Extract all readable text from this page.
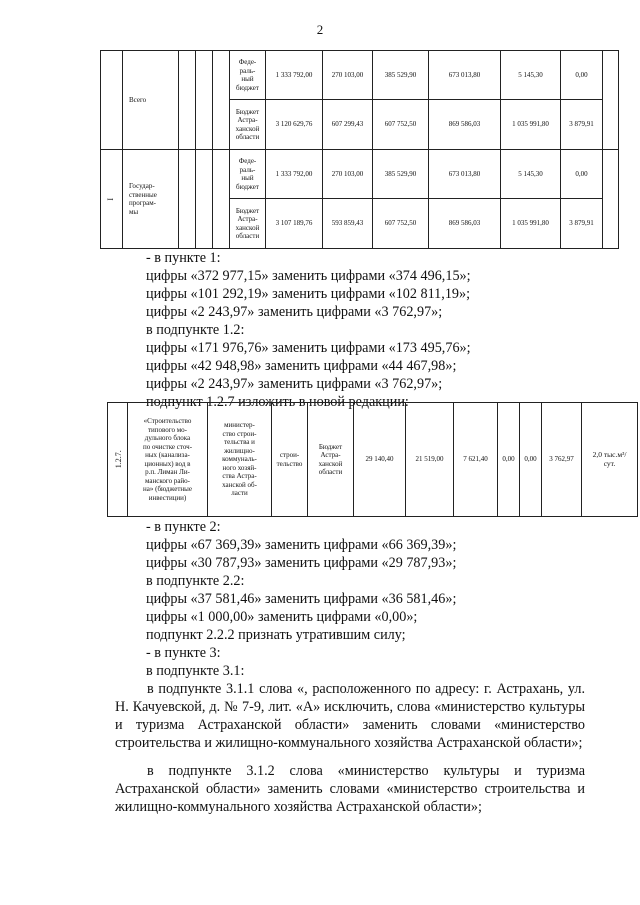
2
	Всего				Феде-
раль-
ный
бюджет	1 333 792,00	270 103,00	385 529,90	673 013,80	5 145,30	0,00	
					Бюджет
Астра-
ханской
области	3 120 629,76	607 299,43	607 752,50	869 586,03	1 035 991,80	3 879,91	
I	Государ-
ственные
програм-
мы				Феде-
раль-
ный
бюджет	1 333 792,00	270 103,00	385 529,90	673 013,80	5 145,30	0,00	
					Бюджет
Астра-
ханской
области	3 107 189,76	593 859,43	607 752,50	869 586,03	1 035 991,80	3 879,91	
- в пункте 1:
цифры «372 977,15» заменить цифрами «374 496,15»;
цифры «101 292,19» заменить цифрами «102 811,19»;
цифры «2 243,97» заменить цифрами «3 762,97»;
в подпункте 1.2:
цифры «171 976,76» заменить цифрами «173 495,76»;
цифры «42 948,98» заменить цифрами «44 467,98»;
цифры «2 243,97» заменить цифрами «3 762,97»;
подпункт 1.2.7 изложить в новой редакции:
1.2.7.	«Строительство
типового мо-
дульного блока
по очистке сточ-
ных (канализа-
ционных) вод в
р.п. Лиман Ли-
манского райо-
на» (бюджетные
инвестиции)	министер-
ство строи-
тельства и
жилищно-
коммуналь-
ного хозяй-
ства Астра-
ханской об-
ласти	строи-
тельство	Бюджет
Астра-
ханской
области	29 140,40	21 519,00	7 621,40	0,00	0,00	3 762,97	2,0 тыс.м³/
сут.
- в пункте 2:
цифры «67 369,39» заменить цифрами «66 369,39»;
цифры «30 787,93» заменить цифрами «29 787,93»;
в подпункте 2.2:
цифры «37 581,46» заменить цифрами «36 581,46»;
цифры «1 000,00» заменить цифрами «0,00»;
подпункт 2.2.2 признать утратившим силу;
- в пункте 3:
в подпункте 3.1:
в подпункте 3.1.1 слова «, расположенного по адресу: г. Астрахань, ул. Н. Качуевской, д. № 7-9, лит. «А» исключить, слова «министерство культуры и туризма Астраханской области» заменить словами «министерство строительства и жилищно-коммунального хозяйства Астраханской области»;
в подпункте 3.1.2 слова «министерство культуры и туризма Астраханской области» заменить словами «министерство строительства и жилищно-коммунального хозяйства Астраханской области»;
